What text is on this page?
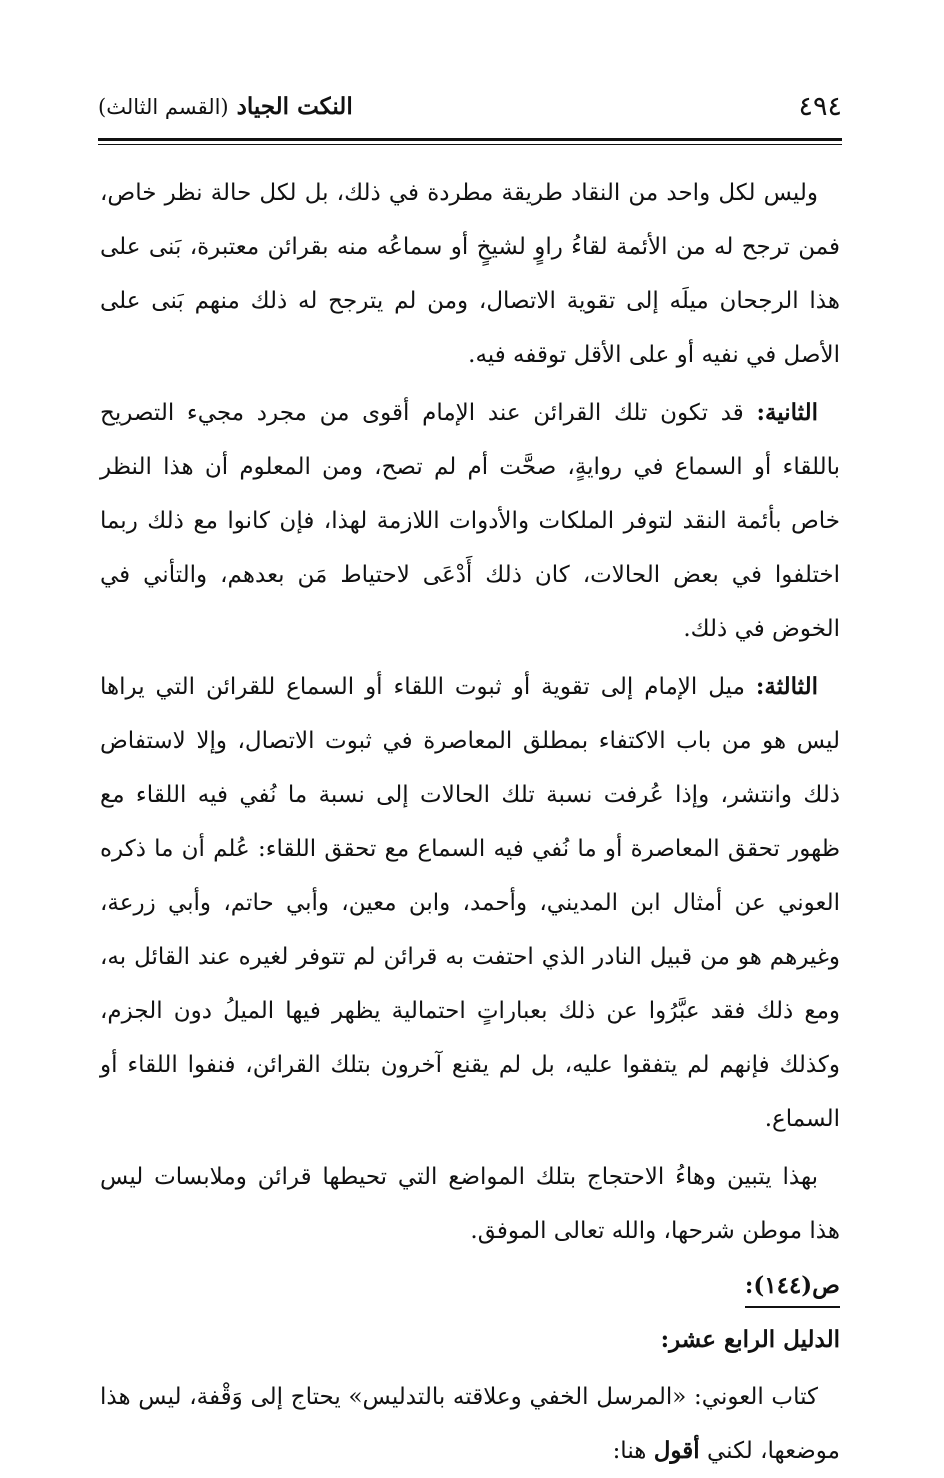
٤٩٤
النكت الجياد (القسم الثالث)

وليس لكل واحد من النقاد طريقة مطردة في ذلك، بل لكل حالة نظر خاص، فمن ترجح له من الأئمة لقاءُ راوٍ لشيخٍ أو سماعُه منه بقرائن معتبرة، بَنى على هذا الرجحان ميلَه إلى تقوية الاتصال، ومن لم يترجح له ذلك منهم بَنى على الأصل في نفيه أو على الأقل توقفه فيه.

الثانية: قد تكون تلك القرائن عند الإمام أقوى من مجرد مجيء التصريح باللقاء أو السماع في روايةٍ، صحَّت أم لم تصح، ومن المعلوم أن هذا النظر خاص بأئمة النقد لتوفر الملكات والأدوات اللازمة لهذا، فإن كانوا مع ذلك ربما اختلفوا في بعض الحالات، كان ذلك أَدْعَى لاحتياط مَن بعدهم، والتأني في الخوض في ذلك.

الثالثة: ميل الإمام إلى تقوية أو ثبوت اللقاء أو السماع للقرائن التي يراها ليس هو من باب الاكتفاء بمطلق المعاصرة في ثبوت الاتصال، وإلا لاستفاض ذلك وانتشر، وإذا عُرفت نسبة تلك الحالات إلى نسبة ما نُفي فيه اللقاء مع ظهور تحقق المعاصرة أو ما نُفي فيه السماع مع تحقق اللقاء: عُلم أن ما ذكره العوني عن أمثال ابن المديني، وأحمد، وابن معين، وأبي حاتم، وأبي زرعة، وغيرهم هو من قبيل النادر الذي احتفت به قرائن لم تتوفر لغيره عند القائل به، ومع ذلك فقد عبَّرُوا عن ذلك بعباراتٍ احتمالية يظهر فيها الميلُ دون الجزم، وكذلك فإنهم لم يتفقوا عليه، بل لم يقنع آخرون بتلك القرائن، فنفوا اللقاء أو السماع.

بهذا يتبين وهاءُ الاحتجاج بتلك المواضع التي تحيطها قرائن وملابسات ليس هذا موطن شرحها، والله تعالى الموفق.

ص(١٤٤):

الدليل الرابع عشر:

كتاب العوني: «المرسل الخفي وعلاقته بالتدليس» يحتاج إلى وَقْفة، ليس هذا موضعها، لكني أقول هنا:
